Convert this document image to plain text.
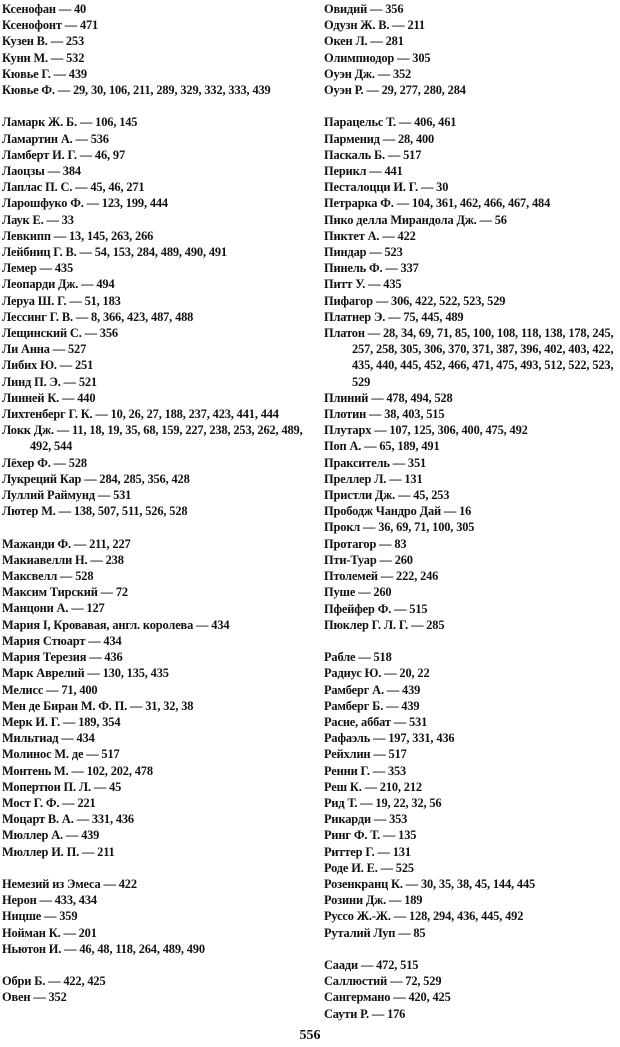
Ксенофан — 40
Ксенофонт — 471
Кузен В. — 253
Куни М. — 532
Кювье Г. — 439
Кювье Ф. — 29, 30, 106, 211, 289, 329, 332, 333, 439
Ламарк Ж. Б. — 106, 145
Ламартин А. — 536
Ламберт И. Г. — 46, 97
Лаоцзы — 384
Лаплас П. С. — 45, 46, 271
Ларошфуко Ф. — 123, 199, 444
Лаук Е. — 33
Левкипп — 13, 145, 263, 266
Лейбниц Г. В. — 54, 153, 284, 489, 490, 491
Лемер — 435
Леопарди Дж. — 494
Леруа Ш. Г. — 51, 183
Лессинг Г. В. — 8, 366, 423, 487, 488
Лещинский С. — 356
Ли Анна — 527
Либих Ю. — 251
Линд П. Э. — 521
Линней К. — 440
Лихтенберг Г. К. — 10, 26, 27, 188, 237, 423, 441, 444
Локк Дж. — 11, 18, 19, 35, 68, 159, 227, 238, 253, 262, 489, 492, 544
Лёхер Ф. — 528
Лукреций Кар — 284, 285, 356, 428
Луллий Раймунд — 531
Лютер М. — 138, 507, 511, 526, 528
Мажанди Ф. — 211, 227
Макиавелли Н. — 238
Максвелл — 528
Максим Тирский — 72
Манцони А. — 127
Мария I, Кровавая, англ. королева — 434
Мария Стюарт — 434
Мария Терезия — 436
Марк Аврелий — 130, 135, 435
Мелисс — 71, 400
Мен де Биран М. Ф. П. — 31, 32, 38
Мерк И. Г. — 189, 354
Мильтиад — 434
Молинос М. де — 517
Монтень М. — 102, 202, 478
Мопертюи П. Л. — 45
Мост Г. Ф. — 221
Моцарт В. А. — 331, 436
Мюллер А. — 439
Мюллер И. П. — 211
Немезий из Эмеса — 422
Нерон — 433, 434
Ницше — 359
Нойман К. — 201
Ньютон И. — 46, 48, 118, 264, 489, 490
Обри Б. — 422, 425
Овен — 352
Овидий — 356
Одузн Ж. В. — 211
Окен Л. — 281
Олимпиодор — 305
Оуэн Дж. — 352
Оуэн Р. — 29, 277, 280, 284
Парацельс Т. — 406, 461
Парменид — 28, 400
Паскаль Б. — 517
Перикл — 441
Песталоцци И. Г. — 30
Петрарка Ф. — 104, 361, 462, 466, 467, 484
Пико делла Мирандола Дж. — 56
Пиктет А. — 422
Пиндар — 523
Пинель Ф. — 337
Питт У. — 435
Пифагор — 306, 422, 522, 523, 529
Платнер Э. — 75, 445, 489
Платон — 28, 34, 69, 71, 85, 100, 108, 118, 138, 178, 245, 257, 258, 305, 306, 370, 371, 387, 396, 402, 403, 422, 435, 440, 445, 452, 466, 471, 475, 493, 512, 522, 523, 529
Плиний — 478, 494, 528
Плотин — 38, 403, 515
Плутарх — 107, 125, 306, 400, 475, 492
Поп А. — 65, 189, 491
Пракситель — 351
Преллер Л. — 131
Пристли Дж. — 45, 253
Прободж Чандро Дай — 16
Прокл — 36, 69, 71, 100, 305
Протагор — 83
Пти-Туар — 260
Птолемей — 222, 246
Пуше — 260
Пфейфер Ф. — 515
Пюклер Г. Л. Г. — 285
Рабле — 518
Радиус Ю. — 20, 22
Рамберг А. — 439
Рамберг Б. — 439
Расне, аббат — 531
Рафаэль — 197, 331, 436
Рейхлин — 517
Ренни Г. — 353
Реш К. — 210, 212
Рид Т. — 19, 22, 32, 56
Рикарди — 353
Ринг Ф. Т. — 135
Риттер Г. — 131
Роде И. Е. — 525
Розенкранц К. — 30, 35, 38, 45, 144, 445
Розини Дж. — 189
Руссо Ж.-Ж. — 128, 294, 436, 445, 492
Руталий Луп — 85
Саади — 472, 515
Саллюстий — 72, 529
Сангермано — 420, 425
Саути Р. — 176
556
